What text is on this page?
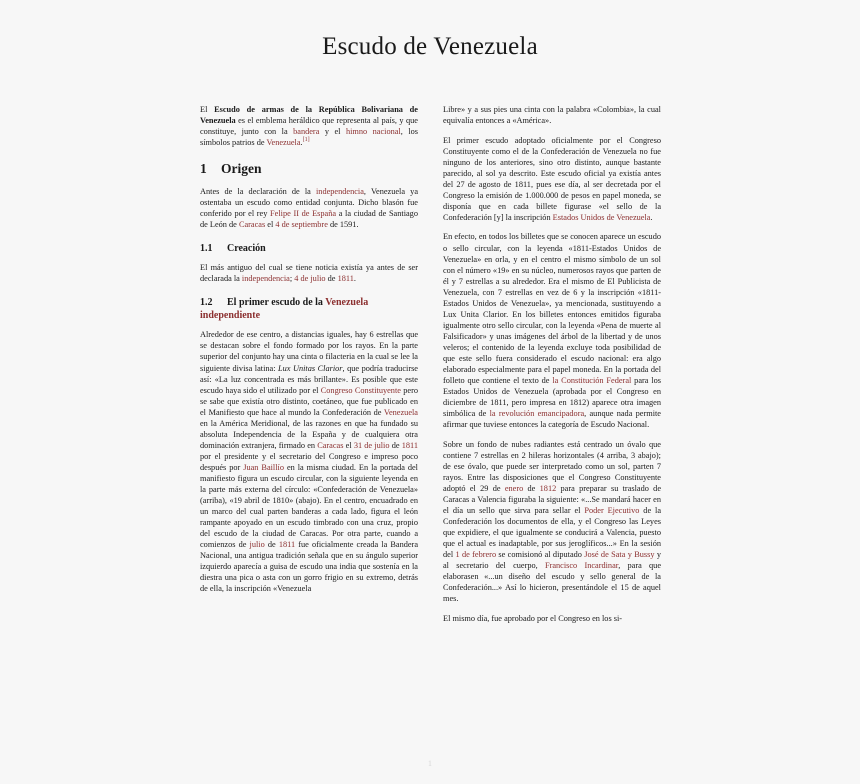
Escudo de Venezuela

El Escudo de armas de la República Bolivariana de Venezuela es el emblema heráldico que representa al país, y que constituye, junto con la bandera y el himno nacional, los símbolos patrios de Venezuela.[1]

1 Origen

Antes de la declaración de la independencia, Venezuela ya ostentaba un escudo como entidad conjunta. Dicho blasón fue conferido por el rey Felipe II de España a la ciudad de Santiago de León de Caracas el 4 de septiembre de 1591.

1.1 Creación

El más antiguo del cual se tiene noticia existía ya antes de ser declarada la independencia; 4 de julio de 1811.

1.2 El primer escudo de la Venezuela independiente

Alrededor de ese centro, a distancias iguales, hay 6 estrellas que se destacan sobre el fondo formado por los rayos. En la parte superior del conjunto hay una cinta o filacteria en la cual se lee la siguiente divisa latina: Lux Unitas Clarior, que podría traducirse así: «La luz concentrada es más brillante». Es posible que este escudo haya sido el utilizado por el Congreso Constituyente pero se sabe que existía otro distinto, coetáneo, que fue publicado en el Manifiesto que hace al mundo la Confederación de Venezuela en la América Meridional, de las razones en que ha fundado su absoluta Independencia de la España y de cualquiera otra dominación extranjera, firmado en Caracas el 31 de julio de 1811 por el presidente y el secretario del Congreso e impreso poco después por Juan Baillío en la misma ciudad. En la portada del manifiesto figura un escudo circular, con la siguiente leyenda en la parte más externa del círculo: «Confederación de Venezuela» (arriba), «19 abril de 1810» (abajo). En el centro, encuadrado en un marco del cual parten banderas a cada lado, figura el león rampante apoyado en un escudo timbrado con una cruz, propio del escudo de la ciudad de Caracas. Por otra parte, cuando a comienzos de julio de 1811 fue oficialmente creada la Bandera Nacional, una antigua tradición señala que en su ángulo superior izquierdo aparecía a guisa de escudo una india que sostenía en la diestra una pica o asta con un gorro frigio en su extremo, detrás de ella, la inscripción «Venezuela

Libre» y a sus pies una cinta con la palabra «Colombia», la cual equivalía entonces a «América».

El primer escudo adoptado oficialmente por el Congreso Constituyente como el de la Confederación de Venezuela no fue ninguno de los anteriores, sino otro distinto, aunque bastante parecido, al sol ya descrito. Este escudo oficial ya existía antes del 27 de agosto de 1811, pues ese día, al ser decretada por el Congreso la emisión de 1.000.000 de pesos en papel moneda, se disponía que en cada billete figurase «el sello de la Confederación [y] la inscripción Estados Unidos de Venezuela.

En efecto, en todos los billetes que se conocen aparece un escudo o sello circular, con la leyenda «1811-Estados Unidos de Venezuela» en orla, y en el centro el mismo símbolo de un sol con el número «19» en su núcleo, numerosos rayos que parten de él y 7 estrellas a su alrededor. Era el mismo de El Publicista de Venezuela, con 7 estrellas en vez de 6 y la inscripción «1811-Estados Unidos de Venezuela», ya mencionada, sustituyendo a Lux Unita Clarior. En los billetes entonces emitidos figuraba igualmente otro sello circular, con la leyenda «Pena de muerte al Falsificador» y unas imágenes del árbol de la libertad y de unos veleros; el contenido de la leyenda excluye toda posibilidad de que este sello fuera considerado el escudo nacional: era algo elaborado especialmente para el papel moneda. En la portada del folleto que contiene el texto de la Constitución Federal para los Estados Unidos de Venezuela (aprobada por el Congreso en diciembre de 1811, pero impresa en 1812) aparece otra imagen simbólica de la revolución emancipadora, aunque nada permite afirmar que tuviese entonces la categoría de Escudo Nacional.

Sobre un fondo de nubes radiantes está centrado un óvalo que contiene 7 estrellas en 2 hileras horizontales (4 arriba, 3 abajo); de ese óvalo, que puede ser interpretado como un sol, parten 7 rayos. Entre las disposiciones que el Congreso Constituyente adoptó el 29 de enero de 1812 para preparar su traslado de Caracas a Valencia figuraba la siguiente: «...Se mandará hacer en el día un sello que sirva para sellar el Poder Ejecutivo de la Confederación los documentos de ella, y el Congreso las Leyes que expidiere, el que igualmente se conducirá a Valencia, puesto que el actual es inadaptable, por sus jeroglíficos...» En la sesión del 1 de febrero se comisionó al diputado José de Sata y Bussy y al secretario del cuerpo, Francisco Incardinar, para que elaborasen «...un diseño del escudo y sello general de la Confederación...» Así lo hicieron, presentándole el 15 de aquel mes.

El mismo día, fue aprobado por el Congreso en los si-

1
